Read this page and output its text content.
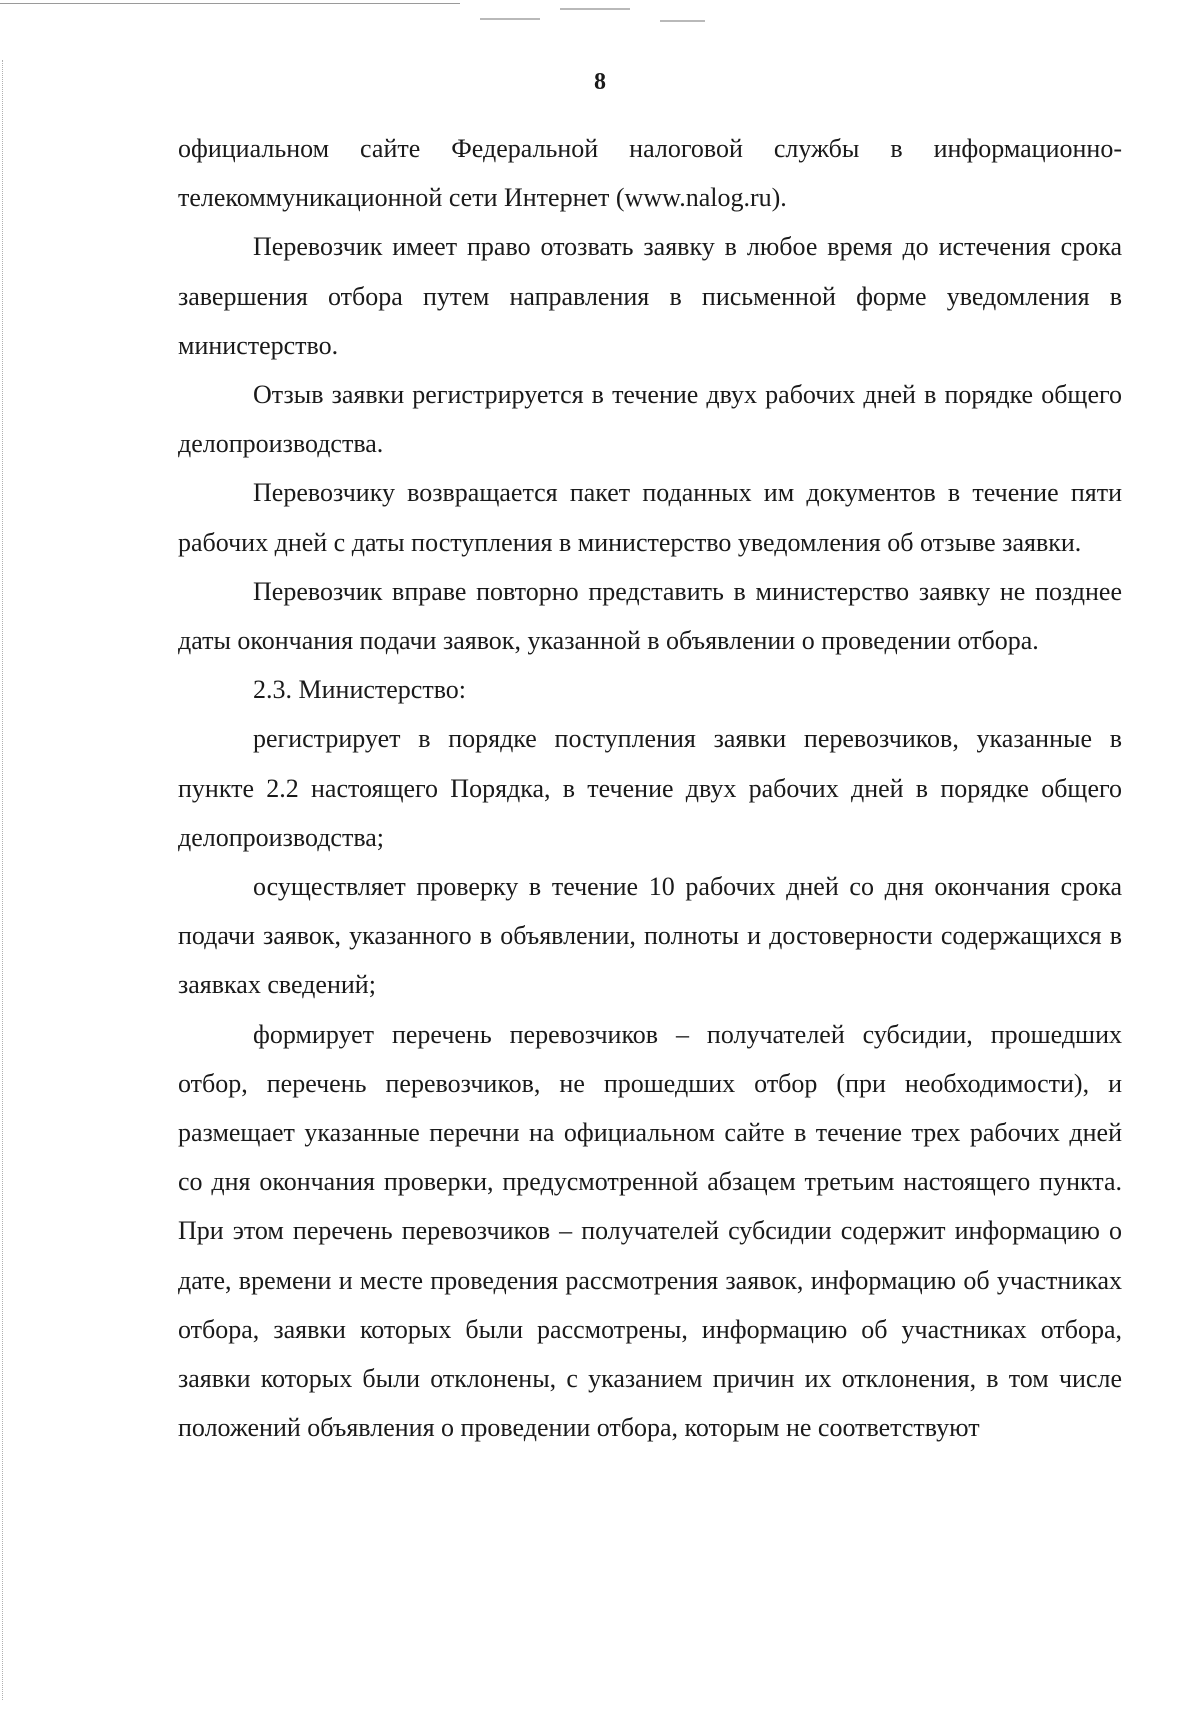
8

официальном сайте Федеральной налоговой службы в информационно-телекоммуникационной сети Интернет (www.nalog.ru).

Перевозчик имеет право отозвать заявку в любое время до истечения срока завершения отбора путем направления в письменной форме уведомления в министерство.

Отзыв заявки регистрируется в течение двух рабочих дней в порядке общего делопроизводства.

Перевозчику возвращается пакет поданных им документов в течение пяти рабочих дней с даты поступления в министерство уведомления об отзыве заявки.

Перевозчик вправе повторно представить в министерство заявку не позднее даты окончания подачи заявок, указанной в объявлении о проведении отбора.

2.3. Министерство:

регистрирует в порядке поступления заявки перевозчиков, указанные в пункте 2.2 настоящего Порядка, в течение двух рабочих дней в порядке общего делопроизводства;

осуществляет проверку в течение 10 рабочих дней со дня окончания срока подачи заявок, указанного в объявлении, полноты и достоверности содержащихся в заявках сведений;

формирует перечень перевозчиков – получателей субсидии, прошедших отбор, перечень перевозчиков, не прошедших отбор (при необходимости), и размещает указанные перечни на официальном сайте в течение трех рабочих дней со дня окончания проверки, предусмотренной абзацем третьим настоящего пункта. При этом перечень перевозчиков – получателей субсидии содержит информацию о дате, времени и месте проведения рассмотрения заявок, информацию об участниках отбора, заявки которых были рассмотрены, информацию об участниках отбора, заявки которых были отклонены, с указанием причин их отклонения, в том числе положений объявления о проведении отбора, которым не соответствуют
